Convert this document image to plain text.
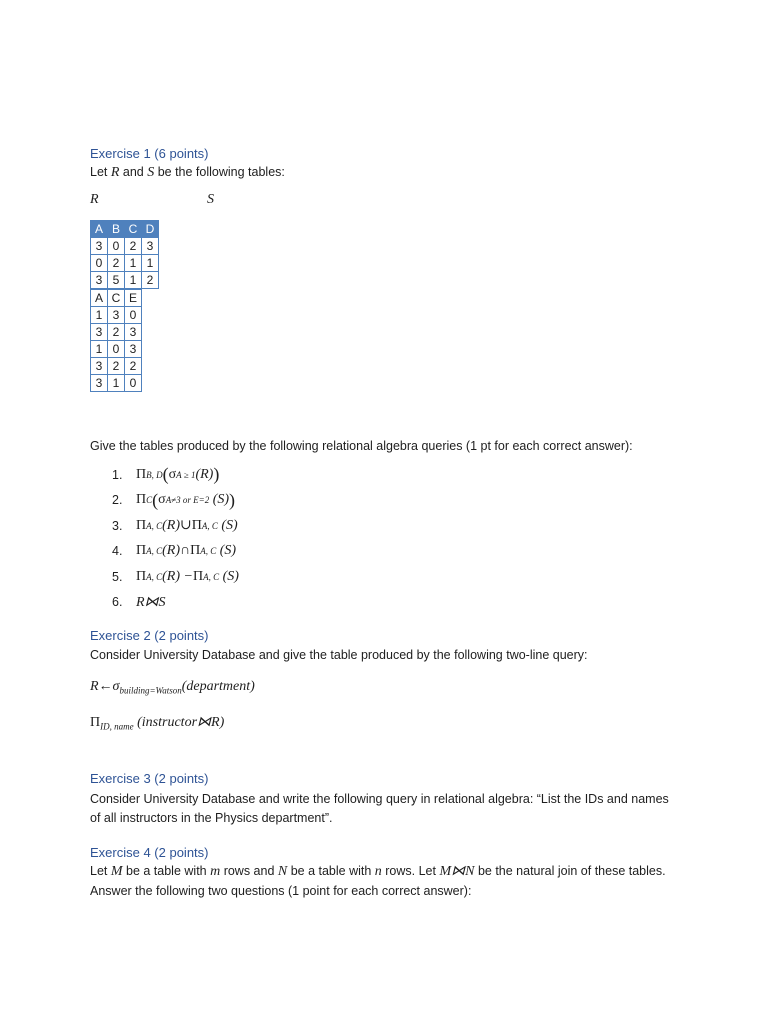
Exercise 1 (6 points)
Let R and S be the following tables:
R	S
A	B	C	D
3	0	2	3
0	2	1	1
3	5	1	2
A	C	E
1	3	0
3	2	3
1	0	3
3	2	2
3	1	0
Give the tables produced by the following relational algebra queries (1 pt for each correct answer):
1. Π B, D ( σ A ≥ 1 (R) )
2. Π C ( σ A≠3 or E=2
(S) )
3. Π A, C (R)∪ Π A, C
(S)
4. Π A, C (R)∩ Π A, C
(S)
5. Π A, C (R) − Π A, C
(S)
6. R⋈S
Exercise 2 (2 points)
Consider University Database and give the table produced by the following two-line query:
$R\leftarrow\sigma_{building=Watson}(department)$
$\Pi_{ID, name}$ (instructor⋈R)
Exercise 3 (2 points)
Consider University Database and write the following query in relational algebra: “List the IDs and names
of all instructors in the Physics department”.
Exercise 4 (2 points)
Let M be a table with m rows and N be a table with n rows. Let M⋈N be the natural join of these tables.
Answer the following two questions (1 point for each correct answer):
